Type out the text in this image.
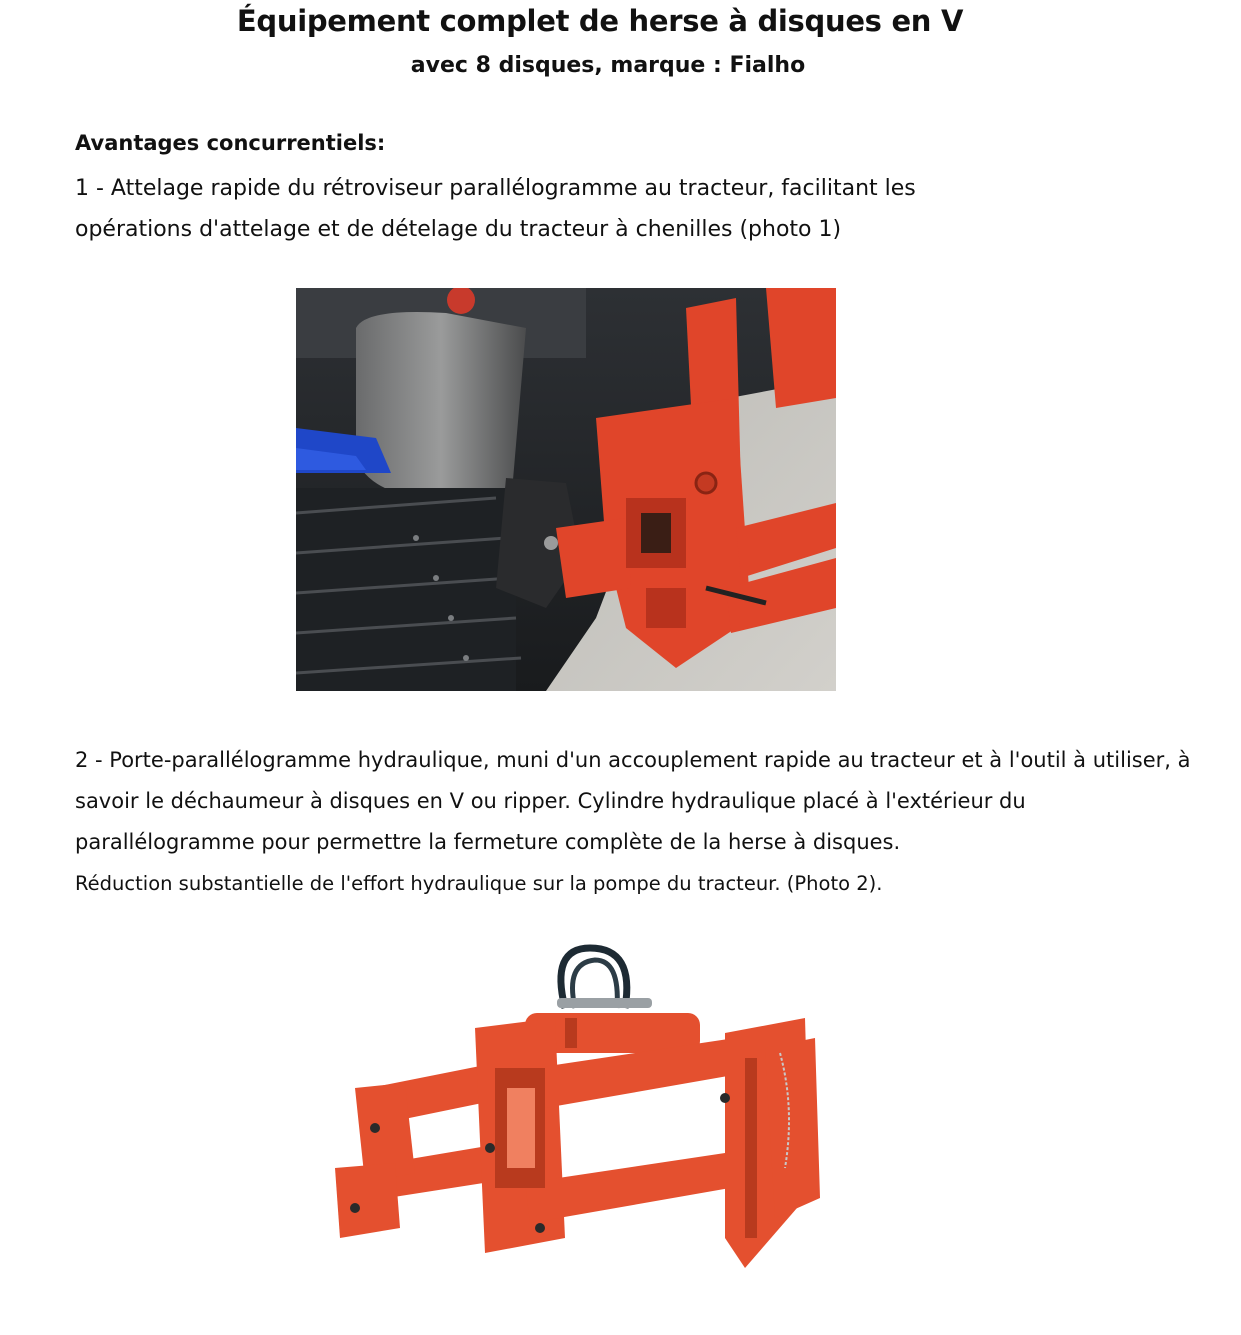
Équipement complet de herse à disques en V
avec 8 disques, marque : Fialho
Avantages concurrentiels:
1 - Attelage rapide du rétroviseur parallélogramme au tracteur, facilitant les
opérations d'attelage et de dételage du tracteur à chenilles (photo 1)
2 - Porte-parallélogramme hydraulique, muni d'un accouplement rapide au tracteur et à l'outil à utiliser, à
savoir le déchaumeur à disques en V ou ripper. Cylindre hydraulique placé à l'extérieur du
parallélogramme pour permettre la fermeture complète de la herse à disques.
Réduction substantielle de l'effort hydraulique sur la pompe du tracteur. (Photo 2).
